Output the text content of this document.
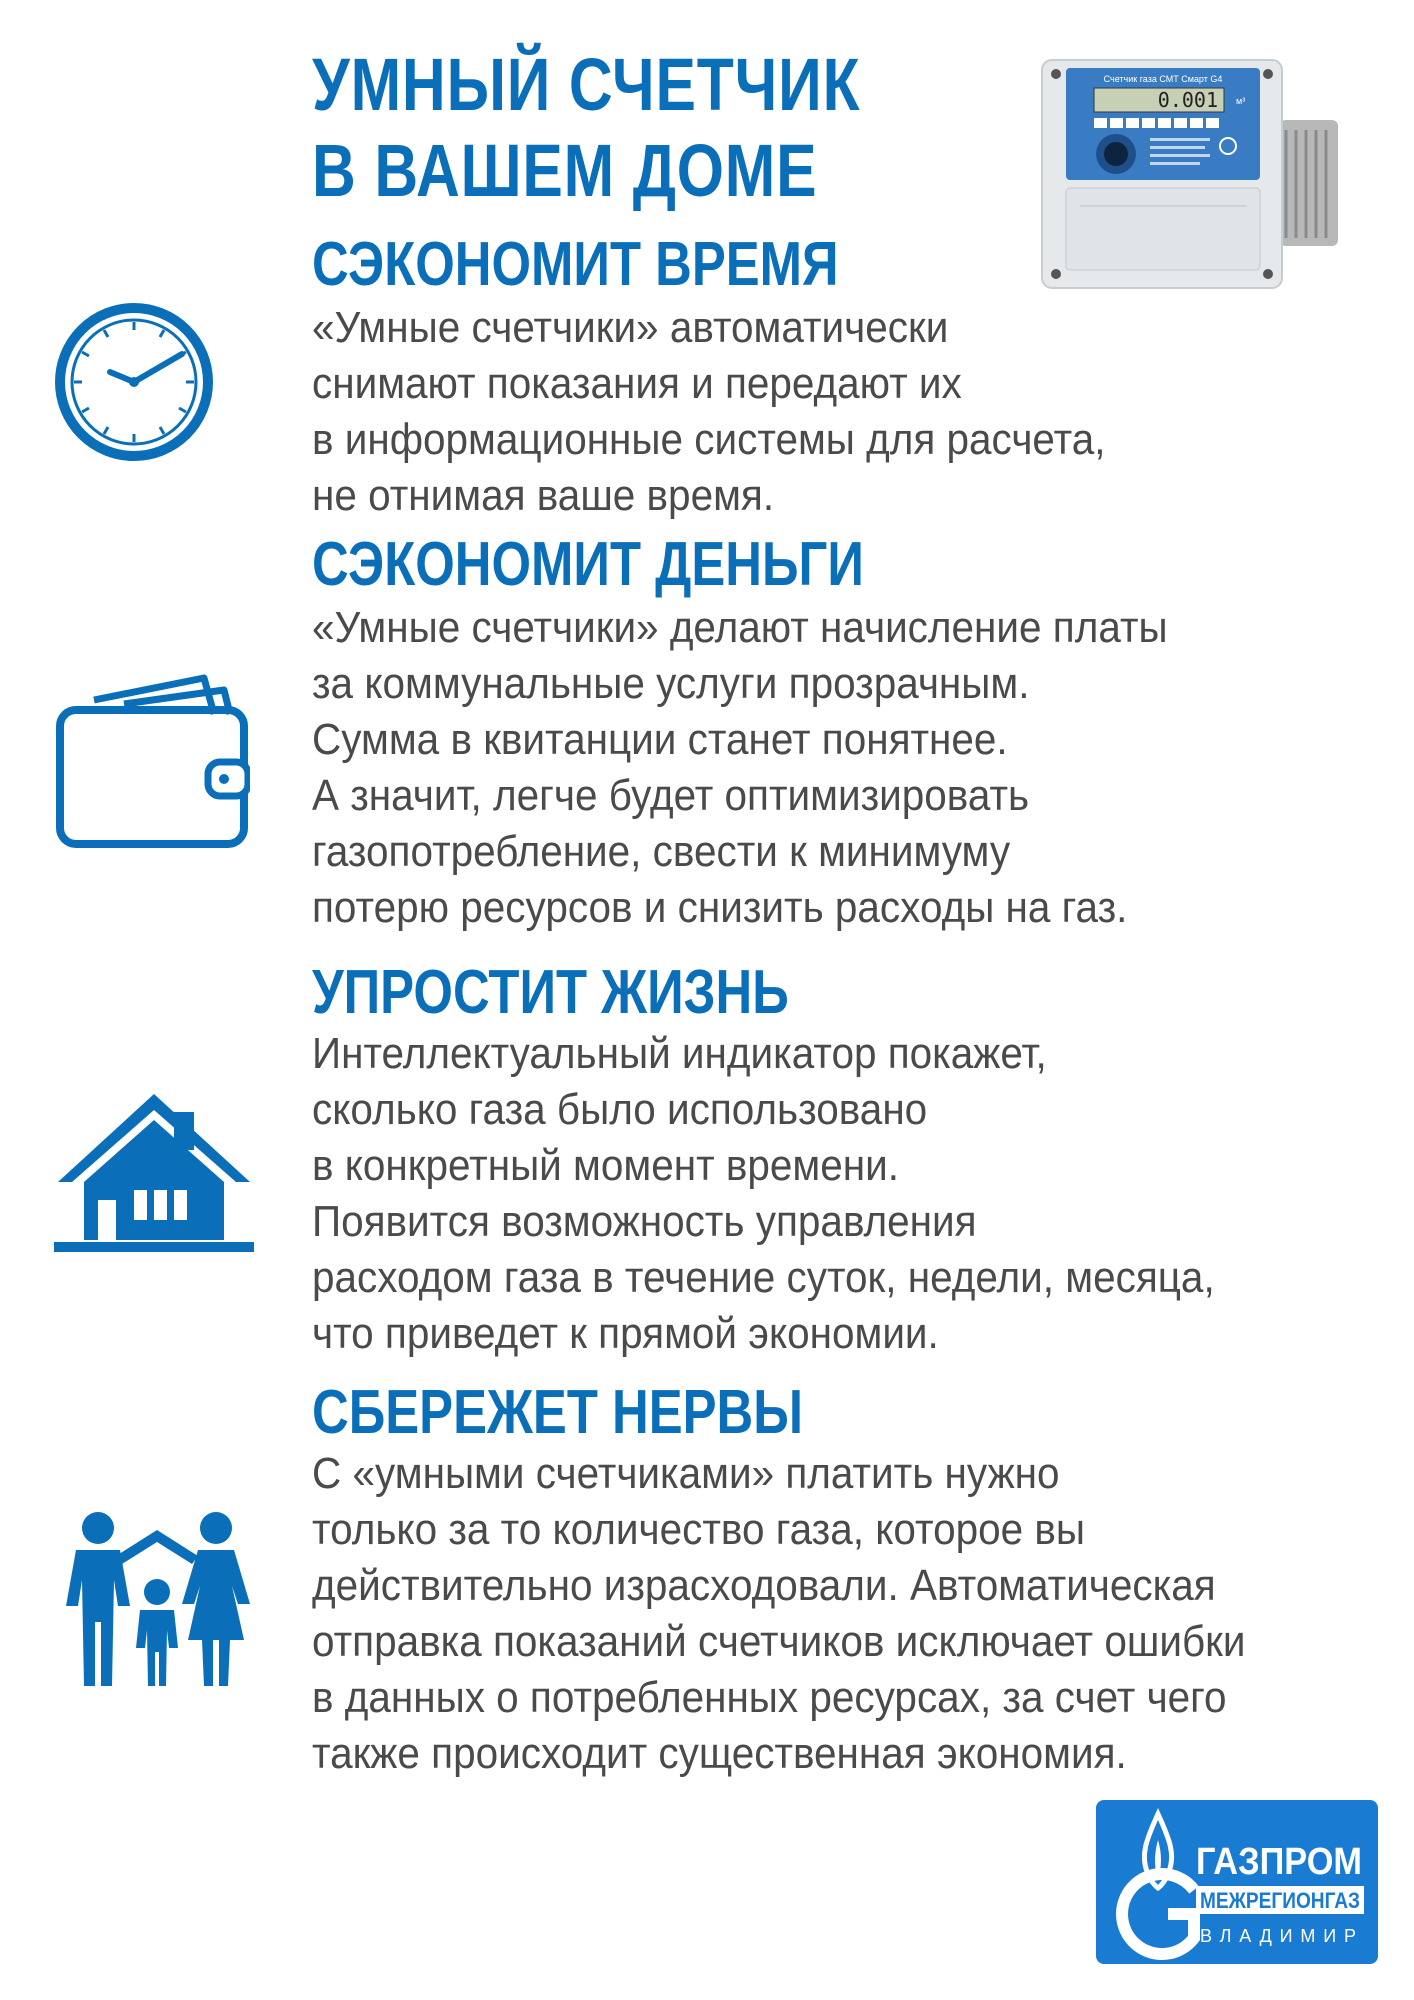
УМНЫЙ СЧЕТЧИК
В ВАШЕМ ДОМЕ
Счетчик газа СМТ Смарт G4
0.001 м³
СЭКОНОМИТ ВРЕМЯ
«Умные счетчики» автоматически
снимают показания и передают их
в информационные системы для расчета,
не отнимая ваше время.
СЭКОНОМИТ ДЕНЬГИ
«Умные счетчики» делают начисление платы
за коммунальные услуги прозрачным.
Сумма в квитанции станет понятнее.
А значит, легче будет оптимизировать
газопотребление, свести к минимуму
потерю ресурсов и снизить расходы на газ.
УПРОСТИТ ЖИЗНЬ
Интеллектуальный индикатор покажет,
сколько газа было использовано
в конкретный момент времени.
Появится возможность управления
расходом газа в течение суток, недели, месяца,
что приведет к прямой экономии.
СБЕРЕЖЕТ НЕРВЫ
С «умными счетчиками» платить нужно
только за то количество газа, которое вы
действительно израсходовали. Автоматическая
отправка показаний счетчиков исключает ошибки
в данных о потребленных ресурсах, за счет чего
также происходит существенная экономия.
ГАЗПРОМ
МЕЖРЕГИОНГАЗ
ВЛАДИМИР
